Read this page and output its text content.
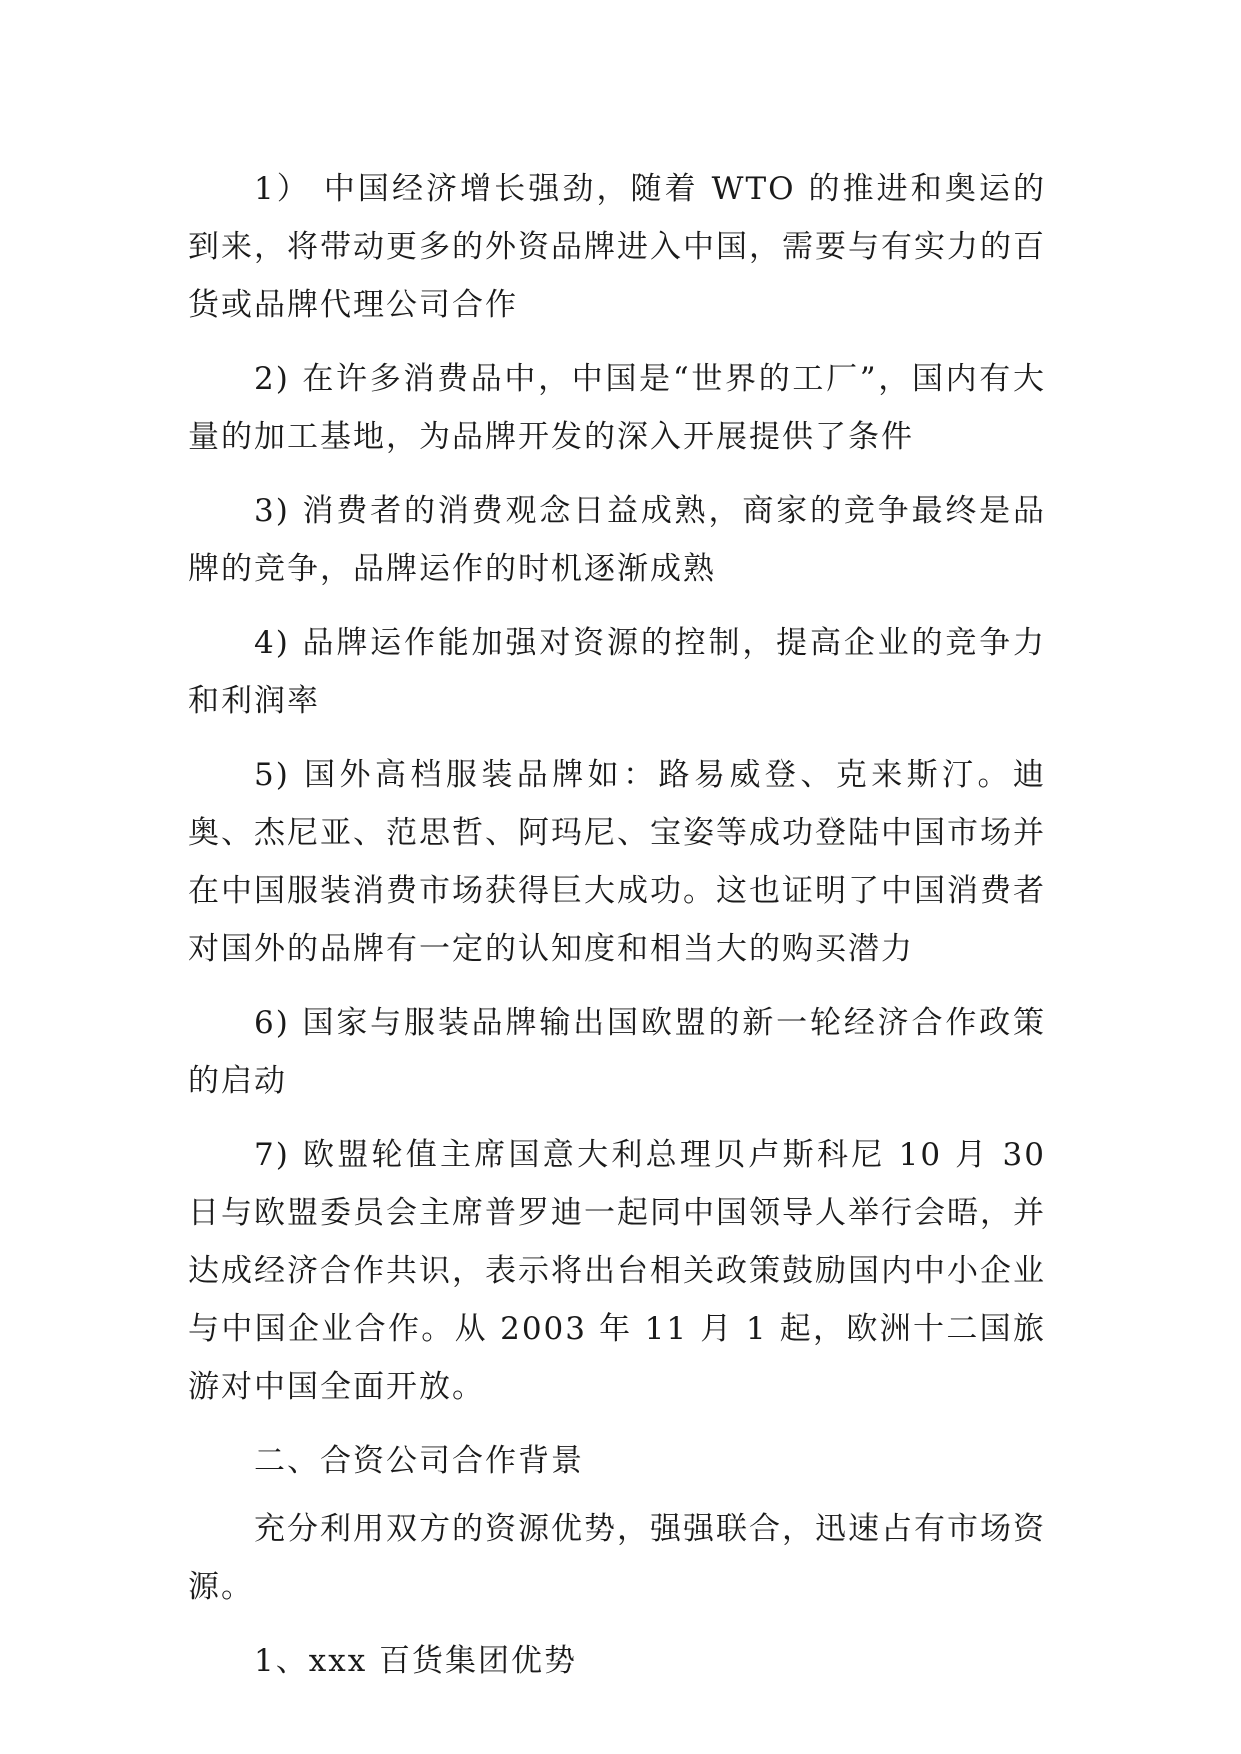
1） 中国经济增长强劲，随着 WTO 的推进和奥运的到来，将带动更多的外资品牌进入中国，需要与有实力的百货或品牌代理公司合作

2) 在许多消费品中，中国是“世界的工厂”，国内有大量的加工基地，为品牌开发的深入开展提供了条件

3) 消费者的消费观念日益成熟，商家的竞争最终是品牌的竞争，品牌运作的时机逐渐成熟

4) 品牌运作能加强对资源的控制，提高企业的竞争力和利润率

5) 国外高档服装品牌如：路易威登、克来斯汀。迪奥、杰尼亚、范思哲、阿玛尼、宝姿等成功登陆中国市场并在中国服装消费市场获得巨大成功。这也证明了中国消费者对国外的品牌有一定的认知度和相当大的购买潜力

6) 国家与服装品牌输出国欧盟的新一轮经济合作政策的启动

7) 欧盟轮值主席国意大利总理贝卢斯科尼 10 月 30 日与欧盟委员会主席普罗迪一起同中国领导人举行会晤，并达成经济合作共识，表示将出台相关政策鼓励国内中小企业与中国企业合作。从 2003 年 11 月 1 起，欧洲十二国旅游对中国全面开放。

二、合资公司合作背景

充分利用双方的资源优势，强强联合，迅速占有市场资源。

1、xxx 百货集团优势
